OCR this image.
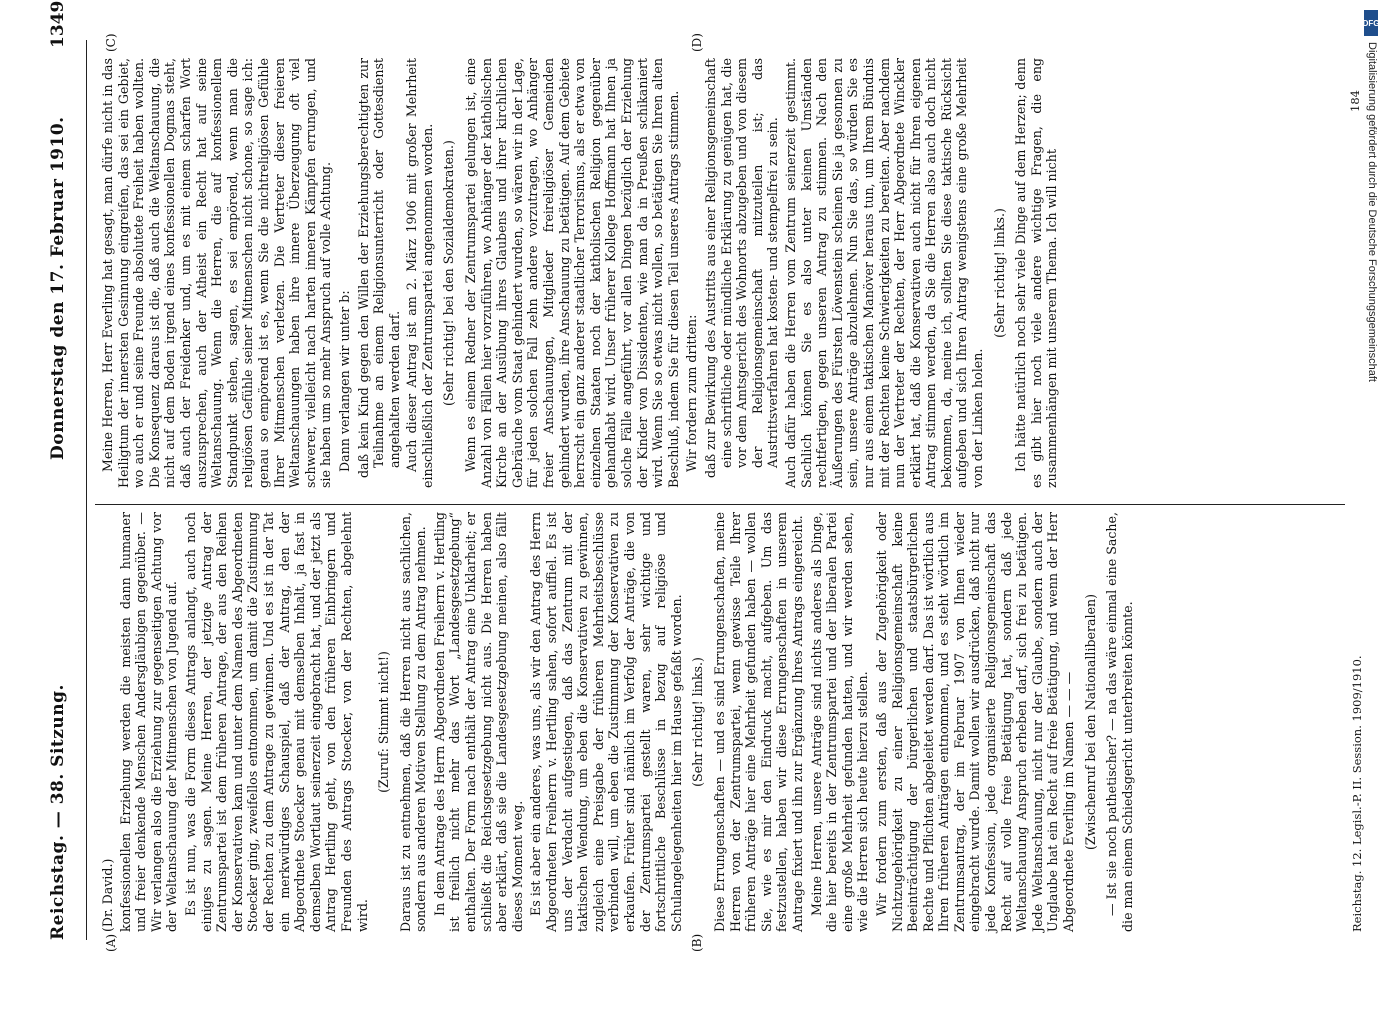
Reichstag. — 38. Sitzung.
Donnerstag den 17. Februar 1910.
1349
(A)	(B)
(C)	(D)

(Dr. David.) konfessionellen Erziehung werden die meisten dann humaner und freier denkende Menschen Andersgläubigen gegenüber. — Wir verlangen also die Erziehung zur gegenseitigen Achtung vor der Weltanschauung der Mitmenschen von Jugend auf. Es ist nun, was die Form dieses Antrags anlangt, auch noch einiges zu sagen. Meine Herren, der jetzige Antrag der Zentrumspartei ist dem früheren Antrage, der aus den Reihen der Konservativen kam und unter dem Namen des Abgeordneten Stoecker ging, zweifellos entnommen, um damit die Zustimmung der Rechten zu dem Antrage zu gewinnen. Und es ist in der Tat ein merkwürdiges Schauspiel, daß der Antrag, den der Abgeordnete Stoecker genau mit demselben Inhalt, ja fast in demselben Wortlaut seinerzeit eingebracht hat, und der jetzt als Antrag Hertling geht, von den früheren Einbringern und Freunden des Antrags Stoecker, von der Rechten, abgelehnt wird.

(Zuruf: Stimmt nicht!) Daraus ist zu entnehmen, daß die Herren nicht aus sachlichen, sondern aus anderen Motiven Stellung zu dem Antrag nehmen. In dem Antrage des Herrn Abgeordneten Freiherrn v. Hertling ist freilich nicht mehr das Wort „Landesgesetzgebung“ enthalten. Der Form nach enthält der Antrag eine Unklarheit; er schließt die Reichsgesetzgebung nicht aus. Die Herren haben aber erklärt, daß sie die Landesgesetzgebung meinen, also fällt dieses Moment weg. Es ist aber ein anderes, was uns, als wir den Antrag des Herrn Abgeordneten Freiherrn v. Hertling sahen, sofort auffiel. Es ist uns der Verdacht aufgestiegen, daß das Zentrum mit der taktischen Wendung, um eben die Konservativen zu gewinnen, zugleich eine Preisgabe der früheren Mehrheitsbeschlüsse verbinden will, um eben die Zustimmung der Konservativen zu erkaufen. Früher sind nämlich im Verfolg der Anträge, die von der Zentrumspartei gestellt waren, sehr wichtige und fortschrittliche Beschlüsse in bezug auf religiöse und Schulangelegenheiten hier im Hause gefaßt worden. (Sehr richtig! links.) Diese Errungenschaften — und es sind Errungenschaften, meine Herren von der Zentrumspartei, wenn gewisse Teile Ihrer früheren Anträge hier eine Mehrheit gefunden haben — wollen Sie, wie es mir den Eindruck macht, aufgeben. Um das festzustellen, haben wir diese Errungenschaften in unserem Antrage fixiert und ihn zur Ergänzung Ihres Antrags eingereicht. Meine Herren, unsere Anträge sind nichts anderes als Dinge, die hier bereits in der Zentrumspartei und der liberalen Partei eine große Mehrheit gefunden hatten, und wir werden sehen, wie die Herren sich heute hierzu stellen. Wir fordern zum ersten, daß aus der Zugehörigkeit oder Nichtzugehörigkeit zu einer Religionsgemeinschaft keine Beeinträchtigung der bürgerlichen und staatsbürgerlichen Rechte und Pflichten abgeleitet werden darf. Das ist wörtlich aus Ihren früheren Anträgen entnommen, und es steht wörtlich im Zentrumsantrag, der im Februar 1907 von Ihnen wieder eingebracht wurde. Damit wollen wir ausdrücken, daß nicht nur jede Konfession, jede organisierte Religionsgemeinschaft das Recht auf volle freie Betätigung hat, sondern daß jede Weltanschauung Anspruch erheben darf, sich frei zu betätigen. Jede Weltanschauung, nicht nur der Glaube, sondern auch der Unglaube hat ein Recht auf freie Betätigung, und wenn der Herr Abgeordnete Everling im Namen — — — (Zwischenruf bei den Nationalliberalen) — Ist sie noch pathetischer? — na das wäre einmal eine Sache, die man einem Schiedsgericht unterbreiten könnte.

Meine Herren, Herr Everling hat gesagt, man dürfe nicht in das Heiligtum der innersten Gesinnung eingreifen, das sei ein Gebiet, wo auch er und seine Freunde absolutete Freiheit haben wollten. Die Konsequenz daraus ist die, daß auch die Weltanschauung, die nicht auf dem Boden irgend eines konfessionellen Dogmas steht, daß auch der Freidenker und, um es mit einem scharfen Wort auszusprechen, auch der Atheist ein Recht hat auf seine Weltanschauung. Wenn die Herren, die auf konfessionellem Standpunkt stehen, sagen, es sei empörend, wenn man die religiösen Gefühle seiner Mitmenschen nicht schone, so sage ich: genau so empörend ist es, wenn Sie die nichtreligiösen Gefühle Ihrer Mitmenschen verletzen. Die Vertreter dieser freieren Weltanschauungen haben ihre innere Überzeugung oft viel schwerer, vielleicht nach harten inneren Kämpfen errungen, und sie haben um so mehr Anspruch auf volle Achtung. Dann verlangen wir unter b: daß kein Kind gegen den Willen der Erziehungsberechtigten zur Teilnahme an einem Religionsunterricht oder Gottesdienst angehalten werden darf. Auch dieser Antrag ist am 2. März 1906 mit großer Mehrheit einschließlich der Zentrumspartei angenommen worden. (Sehr richtig! bei den Sozialdemokraten.) Wenn es einem Redner der Zentrumspartei gelungen ist, eine Anzahl von Fällen hier vorzuführen, wo Anhänger der katholischen Kirche an der Ausübung ihres Glaubens und ihrer kirchlichen Gebräuche vom Staat gehindert wurden, so wären wir in der Lage, für jeden solchen Fall zehn andere vorzutragen, wo Anhänger freier Anschauungen, Mitglieder freireligiöser Gemeinden gehindert wurden, ihre Anschauung zu betätigen. Auf dem Gebiete herrscht ein ganz anderer staatlicher Terrorismus, als er etwa von einzelnen Staaten noch der katholischen Religion gegenüber gehandhabt wird. Unser früherer Kollege Hoffmann hat Ihnen ja solche Fälle angeführt, vor allen Dingen bezüglich der Erziehung der Kinder von Dissidenten, wie man da in Preußen schikaniert wird. Wenn Sie so etwas nicht wollen, so betätigen Sie Ihren alten Beschluß, indem Sie für diesen Teil unseres Antrags stimmen. Wir fordern zum dritten: daß zur Bewirkung des Austritts aus einer Religionsgemeinschaft eine schriftliche oder mündliche Erklärung zu genügen hat, die vor dem Amtsgericht des Wohnorts abzugeben und von diesem der Religionsgemeinschaft mitzuteilen ist; das Austrittsverfahren hat kosten- und stempelfrei zu sein. Auch dafür haben die Herren vom Zentrum seinerzeit gestimmt. Sachlich können Sie es also unter keinen Umständen rechtfertigen, gegen unseren Antrag zu stimmen. Nach den Äußerungen des Fürsten Löwenstein scheinen Sie ja gesonnen zu sein, unsere Anträge abzulehnen. Nun Sie das, so würden Sie es nur aus einem taktischen Manöver heraus tun, um Ihrem Bündnis mit der Rechten keine Schwierigkeiten zu bereiten. Aber nachdem nun der Vertreter der Rechten, der Herr Abgeordnete Winckler erklärt hat, daß die Konservativen auch nicht für Ihren eigenen Antrag stimmen werden, da Sie die Herren also auch doch nicht bekommen, da, meine ich, sollten Sie diese taktische Rücksicht aufgeben und sich Ihren Antrag wenigstens eine große Mehrheit von der Linken holen.

(Sehr richtig! links.) Ich hätte natürlich noch sehr viele Dinge auf dem Herzen; denn es gibt hier noch viele andere wichtige Fragen, die eng zusammenhängen mit unserem Thema. Ich will nicht

Reichstag. 12. Legisl.-P. II. Session. 1909/1910.
184
DFG
Digitalisierung gefördert durch die Deutsche Forschungsgemeinschaft
